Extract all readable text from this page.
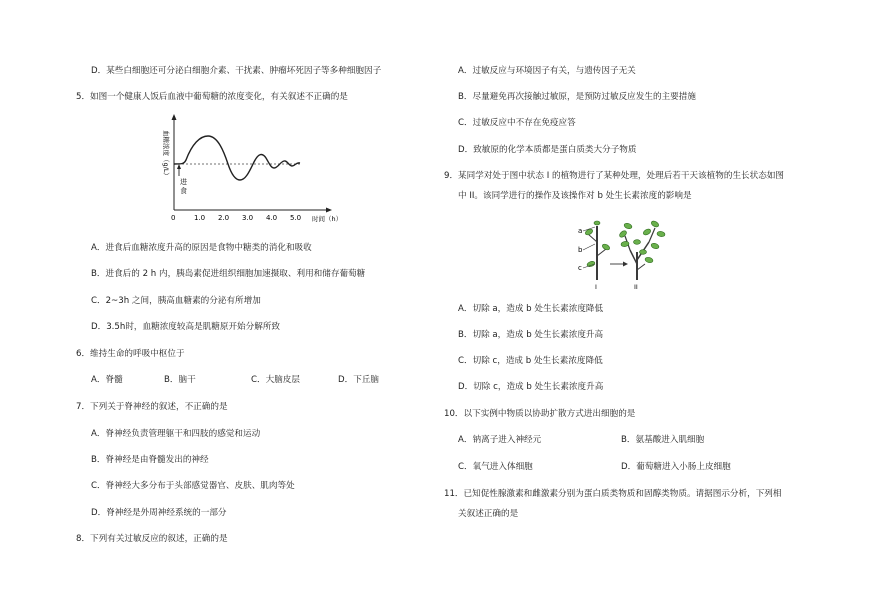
D．某些白细胞还可分泌白细胞介素、干扰素、肿瘤坏死因子等多种细胞因子
5．如图一个健康人饭后血液中葡萄糖的浓度变化，有关叙述不正确的是
进
食
血糖浓度（g/L）
0	1.0 2.0 3.0 4.0 5.0 时间（h）
A．进食后血糖浓度升高的原因是食物中糖类的消化和吸收
B．进食后的 2 h 内，胰岛素促进组织细胞加速摄取、利用和储存葡萄糖
C．2~3h 之间，胰高血糖素的分泌有所增加
D．3.5h时，血糖浓度较高是肌糖原开始分解所致
6．维持生命的呼吸中枢位于
A．脊髓	B．脑干	C．大脑皮层	D．下丘脑
7．下列关于脊神经的叙述，不正确的是
A．脊神经负责管理躯干和四肢的感觉和运动
B．脊神经是由脊髓发出的神经
C．脊神经大多分布于头部感觉器官、皮肤、肌肉等处
D．脊神经是外周神经系统的一部分
8．下列有关过敏反应的叙述，正确的是
A．过敏反应与环境因子有关，与遗传因子无关
B．尽量避免再次接触过敏原，是预防过敏反应发生的主要措施
C．过敏反应中不存在免疫应答
D．致敏原的化学本质都是蛋白质类大分子物质
9．某同学对处于图中状态 I 的植物进行了某种处理，处理后若干天该植物的生长状态如图
中 II。该同学进行的操作及该操作对 b 处生长素浓度的影响是
a
b
c
I	II
A．切除 a，造成 b 处生长素浓度降低
B．切除 a，造成 b 处生长素浓度升高
C．切除 c，造成 b 处生长素浓度降低
D．切除 c，造成 b 处生长素浓度升高
10．以下实例中物质以协助扩散方式进出细胞的是
A．钠离子进入神经元	B．氨基酸进入肌细胞
C．氧气进入体细胞	D．葡萄糖进入小肠上皮细胞
11．已知促性腺激素和雌激素分别为蛋白质类物质和固醇类物质。请据图示分析，下列相
关叙述正确的是
